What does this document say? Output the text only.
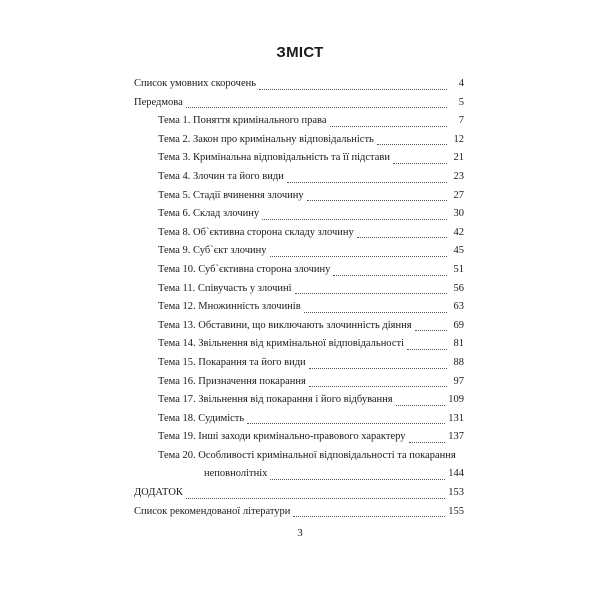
ЗМІСТ
Список умовних скорочень	4
Передмова	5
Тема 1. Поняття кримінального права	7
Тема 2. Закон про кримінальну відповідальність	12
Тема 3. Кримінальна відповідальність та її підстави	21
Тема 4. Злочин та його види	23
Тема 5. Стадії вчинення злочину	27
Тема 6. Склад злочину	30
Тема 8. Об`єктивна сторона складу злочину	42
Тема 9. Суб`єкт злочину	45
Тема 10. Суб`єктивна сторона злочину	51
Тема 11. Співучасть у злочині	56
Тема 12. Множинність злочинів	63
Тема 13. Обставини, що виключають злочинність діяння	69
Тема 14. Звільнення від кримінальної відповідальності	81
Тема 15. Покарання та його види	88
Тема 16. Призначення покарання	97
Тема 17. Звільнення від покарання і його відбування	109
Тема 18. Судимість	131
Тема 19. Інші заходи кримінально-правового характеру	137
Тема 20. Особливості кримінальної відповідальності та покарання
неповнолітніх	144
ДОДАТОК	153
Список рекомендованої літератури	155
3
